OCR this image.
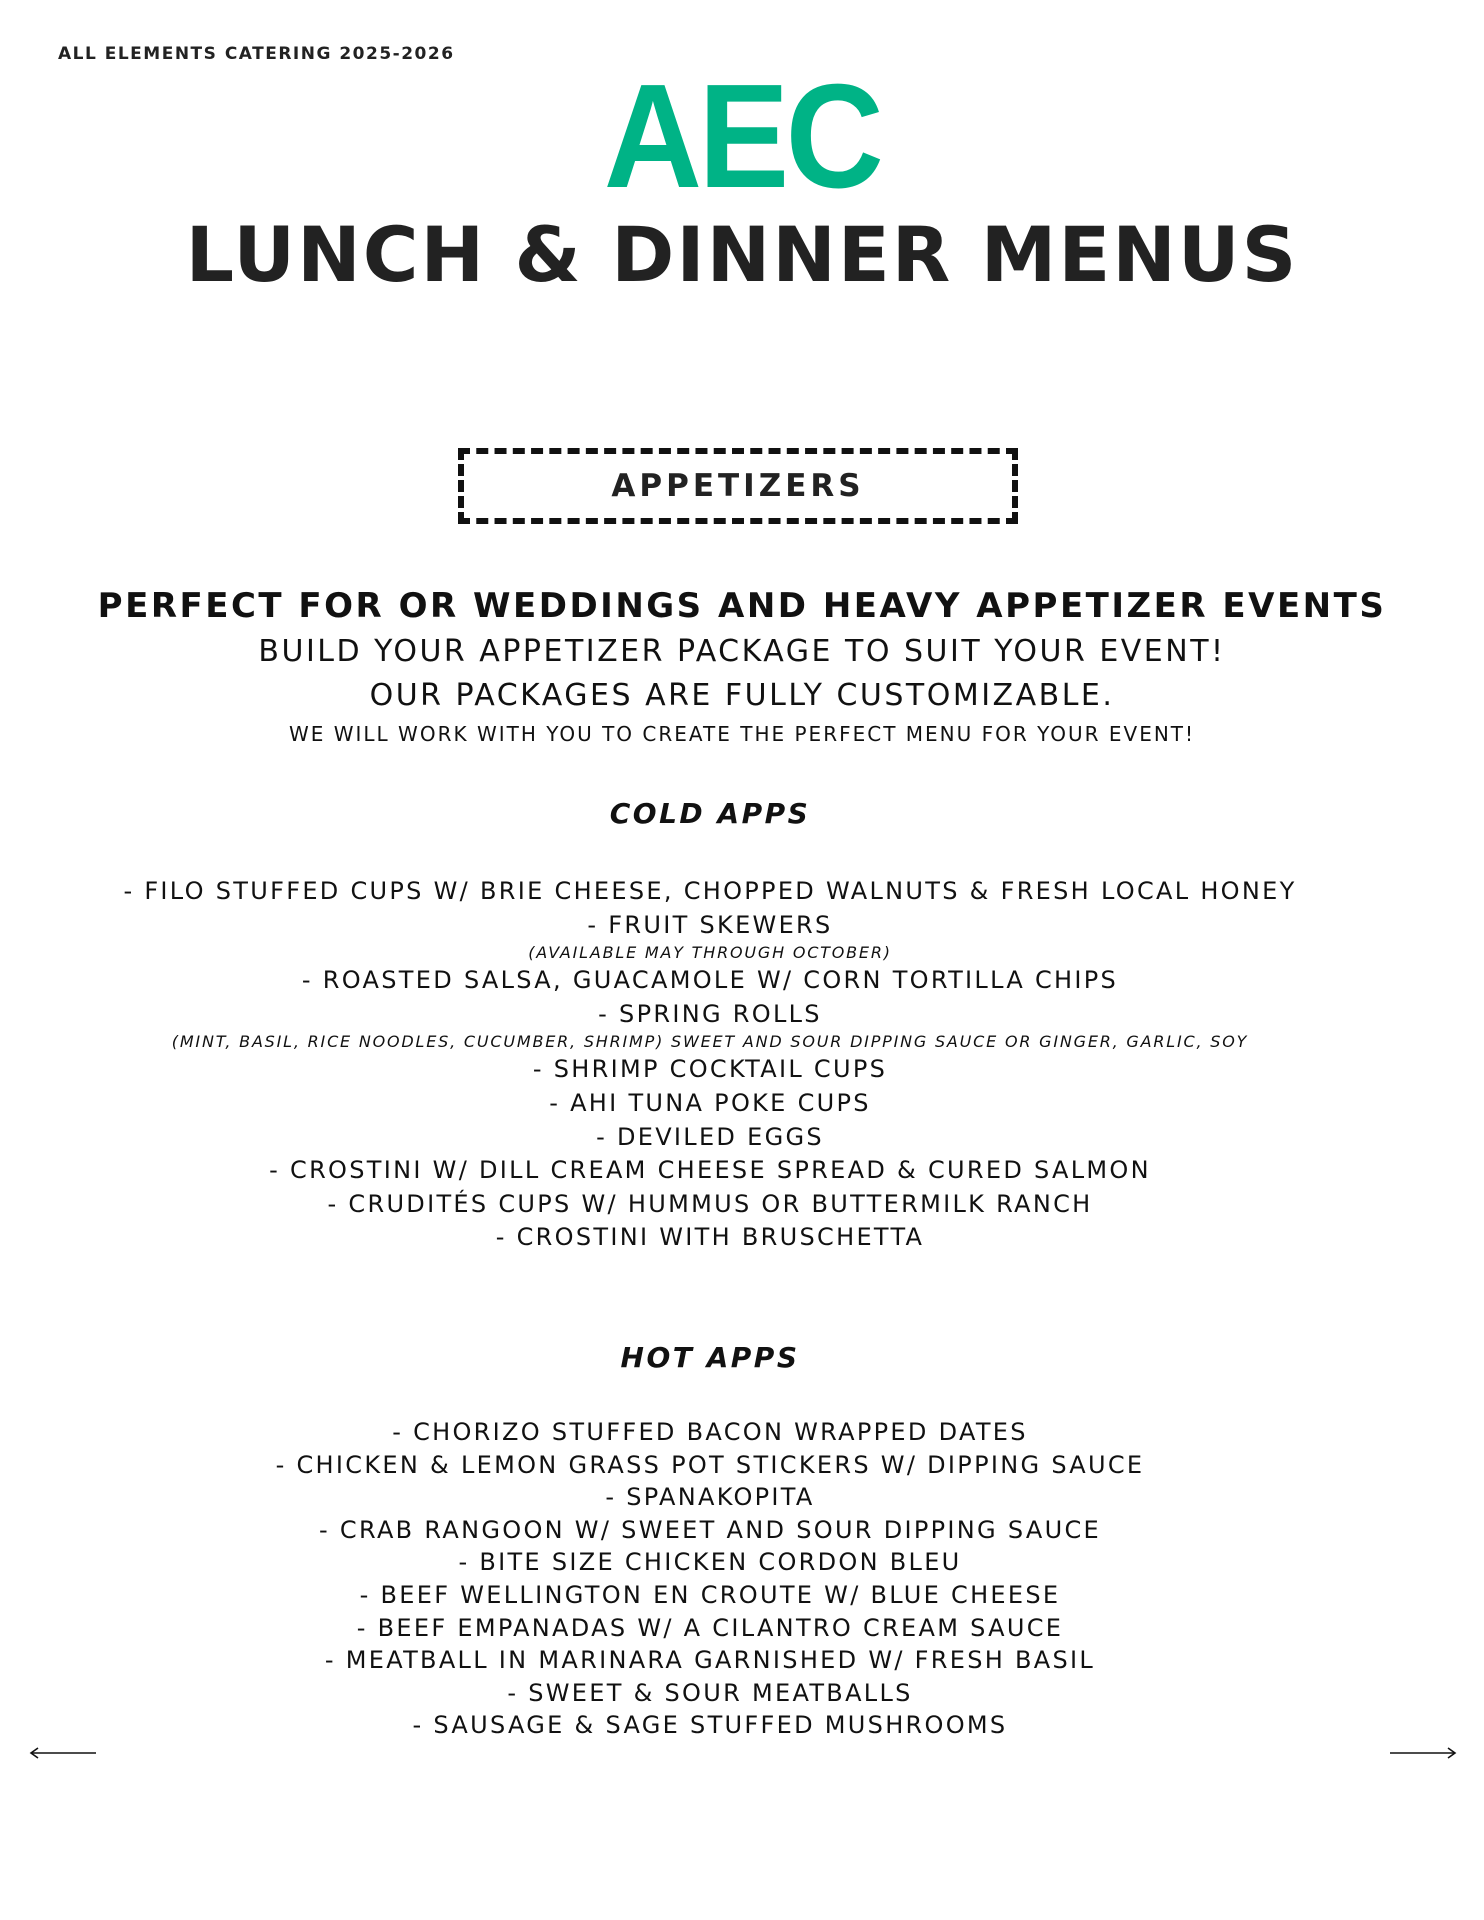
ALL ELEMENTS CATERING 2025-2026	AEC
LUNCH & DINNER MENUS
APPETIZERS
PERFECT FOR OR WEDDINGS AND HEAVY APPETIZER EVENTS
BUILD YOUR APPETIZER PACKAGE TO SUIT YOUR EVENT!
OUR PACKAGES ARE FULLY CUSTOMIZABLE.
WE WILL WORK WITH YOU TO CREATE THE PERFECT MENU FOR YOUR EVENT!
COLD APPS
- FILO STUFFED CUPS W/ BRIE CHEESE, CHOPPED WALNUTS & FRESH LOCAL HONEY
- FRUIT SKEWERS
(AVAILABLE MAY THROUGH OCTOBER)
- ROASTED SALSA, GUACAMOLE W/ CORN TORTILLA CHIPS
- SPRING ROLLS
(MINT, BASIL, RICE NOODLES, CUCUMBER, SHRIMP) SWEET AND SOUR DIPPING SAUCE OR GINGER, GARLIC, SOY
- SHRIMP COCKTAIL CUPS
- AHI TUNA POKE CUPS
- DEVILED EGGS
- CROSTINI W/ DILL CREAM CHEESE SPREAD & CURED SALMON
- CRUDITÉS CUPS W/ HUMMUS OR BUTTERMILK RANCH
- CROSTINI WITH BRUSCHETTA
HOT APPS
- CHORIZO STUFFED BACON WRAPPED DATES
- CHICKEN & LEMON GRASS POT STICKERS W/ DIPPING SAUCE
- SPANAKOPITA
- CRAB RANGOON W/ SWEET AND SOUR DIPPING SAUCE
- BITE SIZE CHICKEN CORDON BLEU
- BEEF WELLINGTON EN CROUTE W/ BLUE CHEESE
- BEEF EMPANADAS W/ A CILANTRO CREAM SAUCE
- MEATBALL IN MARINARA GARNISHED W/ FRESH BASIL
- SWEET & SOUR MEATBALLS
- SAUSAGE & SAGE STUFFED MUSHROOMS
